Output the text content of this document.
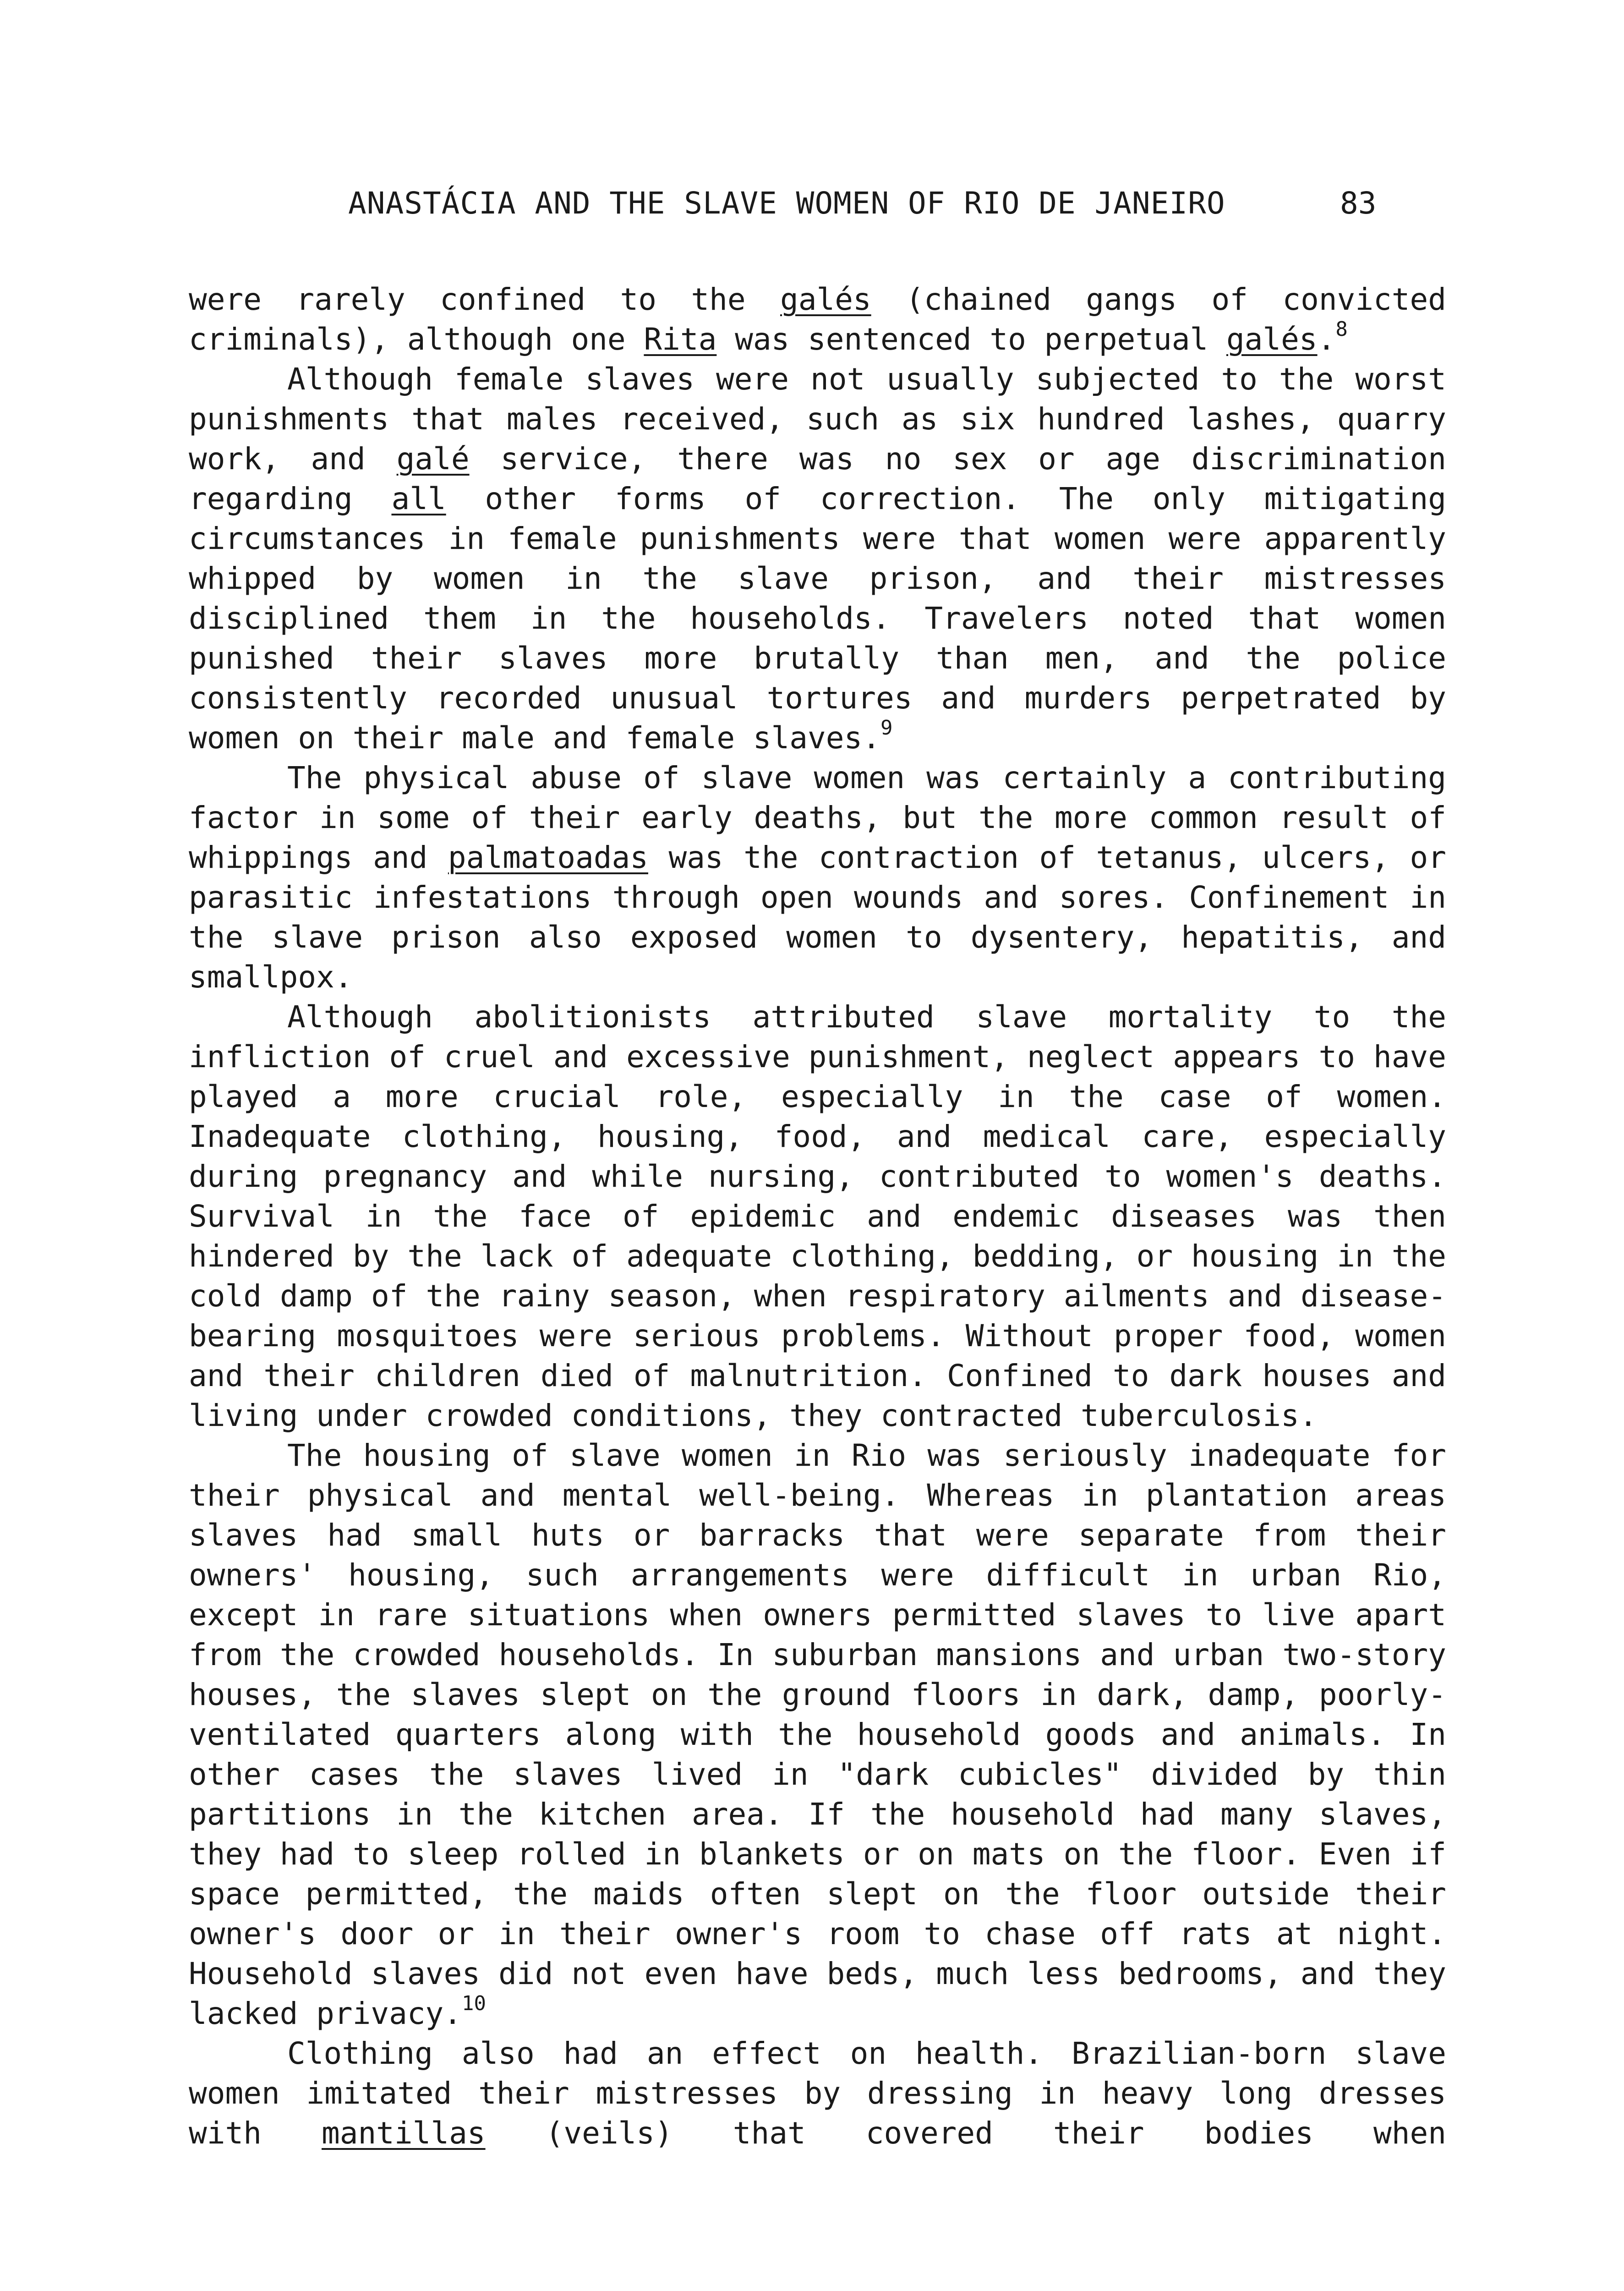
ANASTÁCIA AND THE SLAVE WOMEN OF RIO DE JANEIRO	83

were rarely confined to the galés (chained gangs of convicted criminals), although one Rita was sentenced to perpetual galés.$^8$

Although female slaves were not usually subjected to the worst punishments that males received, such as six hundred lashes, quarry work, and galé service, there was no sex or age discrimination regarding all other forms of correction. The only mitigating circumstances in female punishments were that women were apparently whipped by women in the slave prison, and their mistresses disciplined them in the households. Travelers noted that women punished their slaves more brutally than men, and the police consistently recorded unusual tortures and murders perpetrated by women on their male and female slaves.$^9$

The physical abuse of slave women was certainly a contributing factor in some of their early deaths, but the more common result of whippings and palmatoadas was the contraction of tetanus, ulcers, or parasitic infestations through open wounds and sores. Confinement in the slave prison also exposed women to dysentery, hepatitis, and smallpox.

Although abolitionists attributed slave mortality to the infliction of cruel and excessive punishment, neglect appears to have played a more crucial role, especially in the case of women. Inadequate clothing, housing, food, and medical care, especially during pregnancy and while nursing, contributed to women's deaths. Survival in the face of epidemic and endemic diseases was then hindered by the lack of adequate clothing, bedding, or housing in the cold damp of the rainy season, when respiratory ailments and disease-bearing mosquitoes were serious problems. Without proper food, women and their children died of malnutrition. Confined to dark houses and living under crowded conditions, they contracted tuberculosis.

The housing of slave women in Rio was seriously inadequate for their physical and mental well-being. Whereas in plantation areas slaves had small huts or barracks that were separate from their owners' housing, such arrangements were difficult in urban Rio, except in rare situations when owners permitted slaves to live apart from the crowded households. In suburban mansions and urban two-story houses, the slaves slept on the ground floors in dark, damp, poorly-ventilated quarters along with the household goods and animals. In other cases the slaves lived in "dark cubicles" divided by thin partitions in the kitchen area. If the household had many slaves, they had to sleep rolled in blankets or on mats on the floor. Even if space permitted, the maids often slept on the floor outside their owner's door or in their owner's room to chase off rats at night. Household slaves did not even have beds, much less bedrooms, and they lacked privacy.$^{10}$

Clothing also had an effect on health. Brazilian-born slave women imitated their mistresses by dressing in heavy long dresses with mantillas (veils) that covered their bodies when
